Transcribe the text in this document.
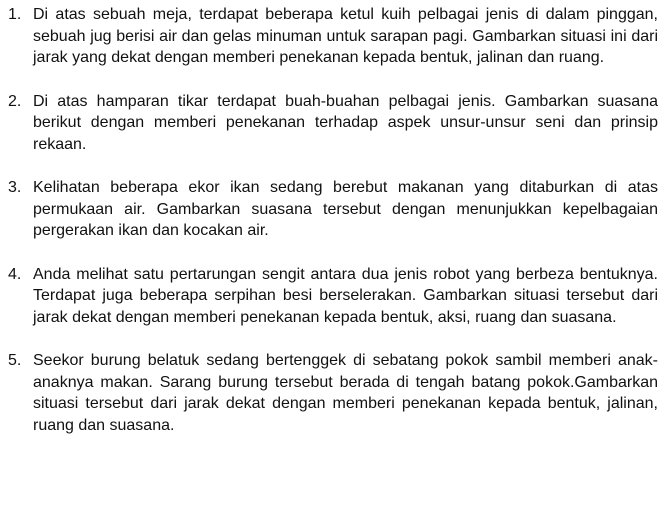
1. Di atas sebuah meja, terdapat beberapa ketul kuih pelbagai jenis di dalam pinggan, sebuah jug berisi air dan gelas minuman untuk sarapan pagi. Gambarkan situasi ini dari jarak yang dekat dengan memberi penekanan kepada bentuk, jalinan dan ruang.
2. Di atas hamparan tikar terdapat buah-buahan pelbagai jenis. Gambarkan suasana berikut dengan memberi penekanan terhadap aspek unsur-unsur seni dan prinsip rekaan.
3. Kelihatan beberapa ekor ikan sedang berebut makanan yang ditaburkan di atas permukaan air. Gambarkan suasana tersebut dengan menunjukkan kepelbagaian pergerakan ikan dan kocakan air.
4. Anda melihat satu pertarungan sengit antara dua jenis robot yang berbeza bentuknya. Terdapat juga beberapa serpihan besi berselerakan. Gambarkan situasi tersebut dari jarak dekat dengan memberi penekanan kepada bentuk, aksi, ruang dan suasana.
5. Seekor burung belatuk sedang bertenggek di sebatang pokok sambil memberi anak-anaknya makan. Sarang burung tersebut berada di tengah batang pokok.Gambarkan situasi tersebut dari jarak dekat dengan memberi penekanan kepada bentuk, jalinan, ruang dan suasana.
